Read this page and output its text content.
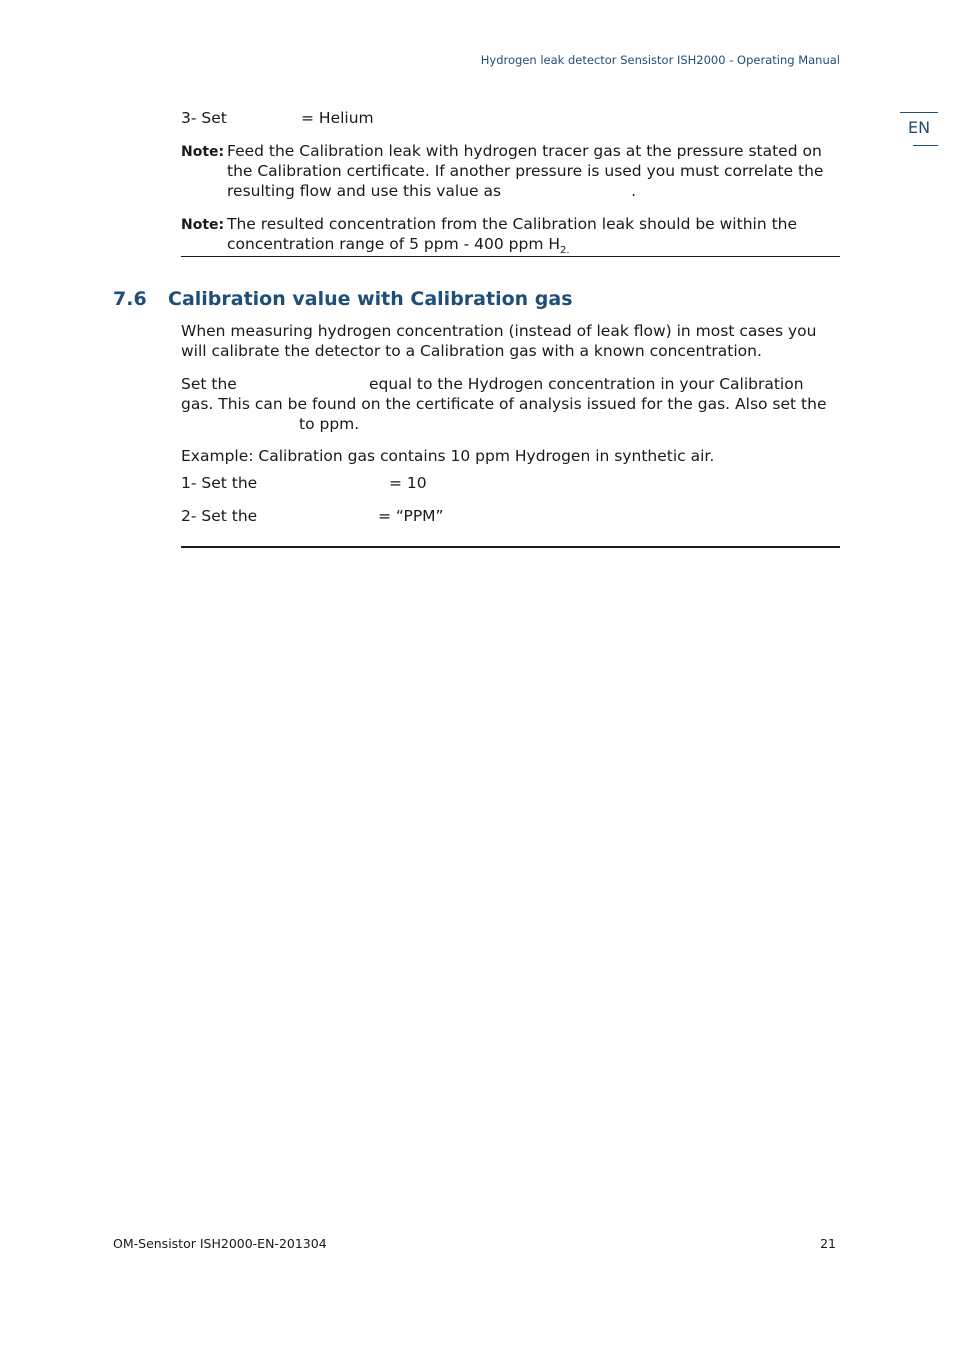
Hydrogen leak detector Sensistor ISH2000 - Operating Manual
EN
3- Set	= Helium
Note: Feed the Calibration leak with hydrogen tracer gas at the pressure stated on the Calibration certificate. If another pressure is used you must correlate the resulting flow and use this value as	.
Note: The resulted concentration from the Calibration leak should be within the concentration range of 5 ppm - 400 ppm $H_{2.}$
7.6 Calibration value with Calibration gas
When measuring hydrogen concentration (instead of leak flow) in most cases you will calibrate the detector to a Calibration gas with a known concentration.
Set the	equal to the Hydrogen concentration in your Calibration
gas. This can be found on the certificate of analysis issued for the gas. Also set the
to ppm.
Example: Calibration gas contains 10 ppm Hydrogen in synthetic air.
1- Set the	= 10
2- Set the	= “PPM”
OM-Sensistor ISH2000-EN-201304	21
